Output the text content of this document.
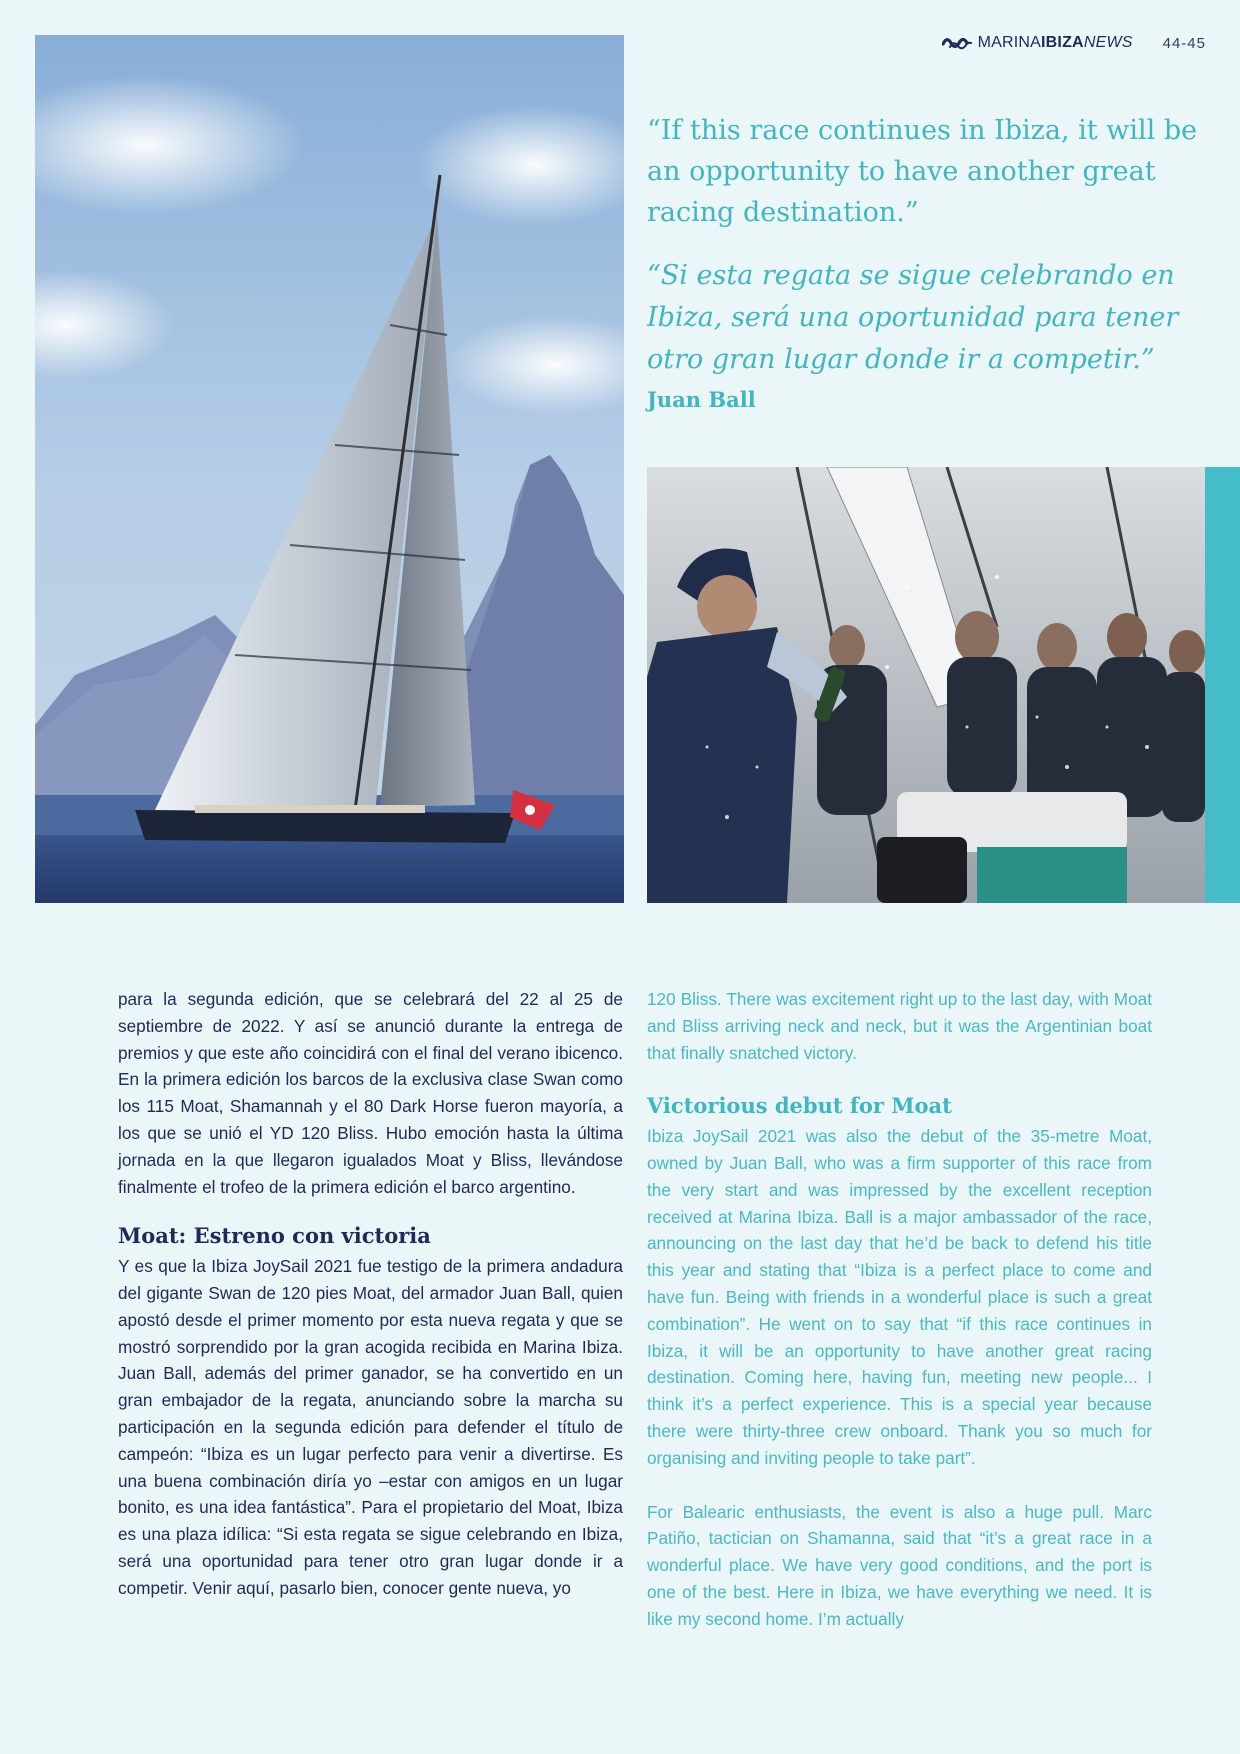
MARINAIBIZANEWS 44-45

“If this race continues in Ibiza, it will be an opportunity to have another great racing destination.”

“Si esta regata se sigue celebrando en Ibiza, será una oportunidad para tener otro gran lugar donde ir a competir.”

Juan Ball

para la segunda edición, que se celebrará del 22 al 25 de septiembre de 2022. Y así se anunció durante la entrega de premios y que este año coincidirá con el final del verano ibicenco. En la primera edición los barcos de la exclusiva clase Swan como los 115 Moat, Shamannah y el 80 Dark Horse fueron mayoría, a los que se unió el YD 120 Bliss. Hubo emoción hasta la última jornada en la que llegaron igualados Moat y Bliss, llevándose finalmente el trofeo de la primera edición el barco argentino.

Moat: Estreno con victoria

Y es que la Ibiza JoySail 2021 fue testigo de la primera andadura del gigante Swan de 120 pies Moat, del armador Juan Ball, quien apostó desde el primer momento por esta nueva regata y que se mostró sorprendido por la gran acogida recibida en Marina Ibiza. Juan Ball, además del primer ganador, se ha convertido en un gran embajador de la regata, anunciando sobre la marcha su participación en la segunda edición para defender el título de campeón: “Ibiza es un lugar perfecto para venir a divertirse. Es una buena combinación diría yo –estar con amigos en un lugar bonito, es una idea fantástica”. Para el propietario del Moat, Ibiza es una plaza idílica: “Si esta regata se sigue celebrando en Ibiza, será una oportunidad para tener otro gran lugar donde ir a competir. Venir aquí, pasarlo bien, conocer gente nueva, yo

120 Bliss. There was excitement right up to the last day, with Moat and Bliss arriving neck and neck, but it was the Argentinian boat that finally snatched victory.

Victorious debut for Moat

Ibiza JoySail 2021 was also the debut of the 35-metre Moat, owned by Juan Ball, who was a firm supporter of this race from the very start and was impressed by the excellent reception received at Marina Ibiza. Ball is a major ambassador of the race, announcing on the last day that he’d be back to defend his title this year and stating that “Ibiza is a perfect place to come and have fun. Being with friends in a wonderful place is such a great combination”. He went on to say that “if this race continues in Ibiza, it will be an opportunity to have another great racing destination. Coming here, having fun, meeting new people... I think it’s a perfect experience. This is a special year because there were thirty-three crew onboard. Thank you so much for organising and inviting people to take part”.

For Balearic enthusiasts, the event is also a huge pull. Marc Patiño, tactician on Shamanna, said that “it’s a great race in a wonderful place. We have very good conditions, and the port is one of the best. Here in Ibiza, we have everything we need. It is like my second home. I’m actually
